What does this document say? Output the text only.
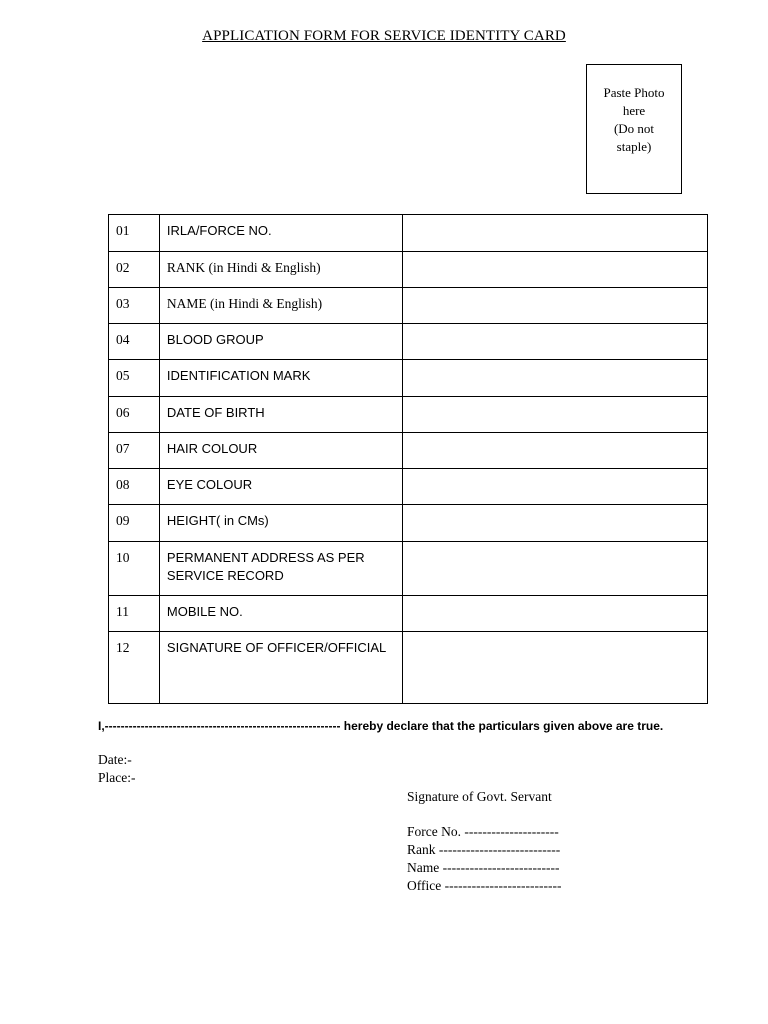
APPLICATION FORM FOR SERVICE IDENTITY CARD
Paste Photo
here
(Do not
staple)
01	IRLA/FORCE NO.	
02	RANK (in Hindi & English)	
03	NAME (in Hindi & English)	
04	BLOOD GROUP	
05	IDENTIFICATION MARK	
06	DATE OF BIRTH	
07	HAIR COLOUR	
08	EYE COLOUR	
09	HEIGHT( in CMs)	
10	PERMANENT ADDRESS AS PER SERVICE RECORD	
11	MOBILE NO.	
12	SIGNATURE OF OFFICER/OFFICIAL	
I,----------------------------------------------------------- hereby declare that the particulars given above are true.
Date:-
Place:-
Signature of Govt. Servant
Force No. ---------------------
Rank ---------------------------
Name --------------------------
Office --------------------------
